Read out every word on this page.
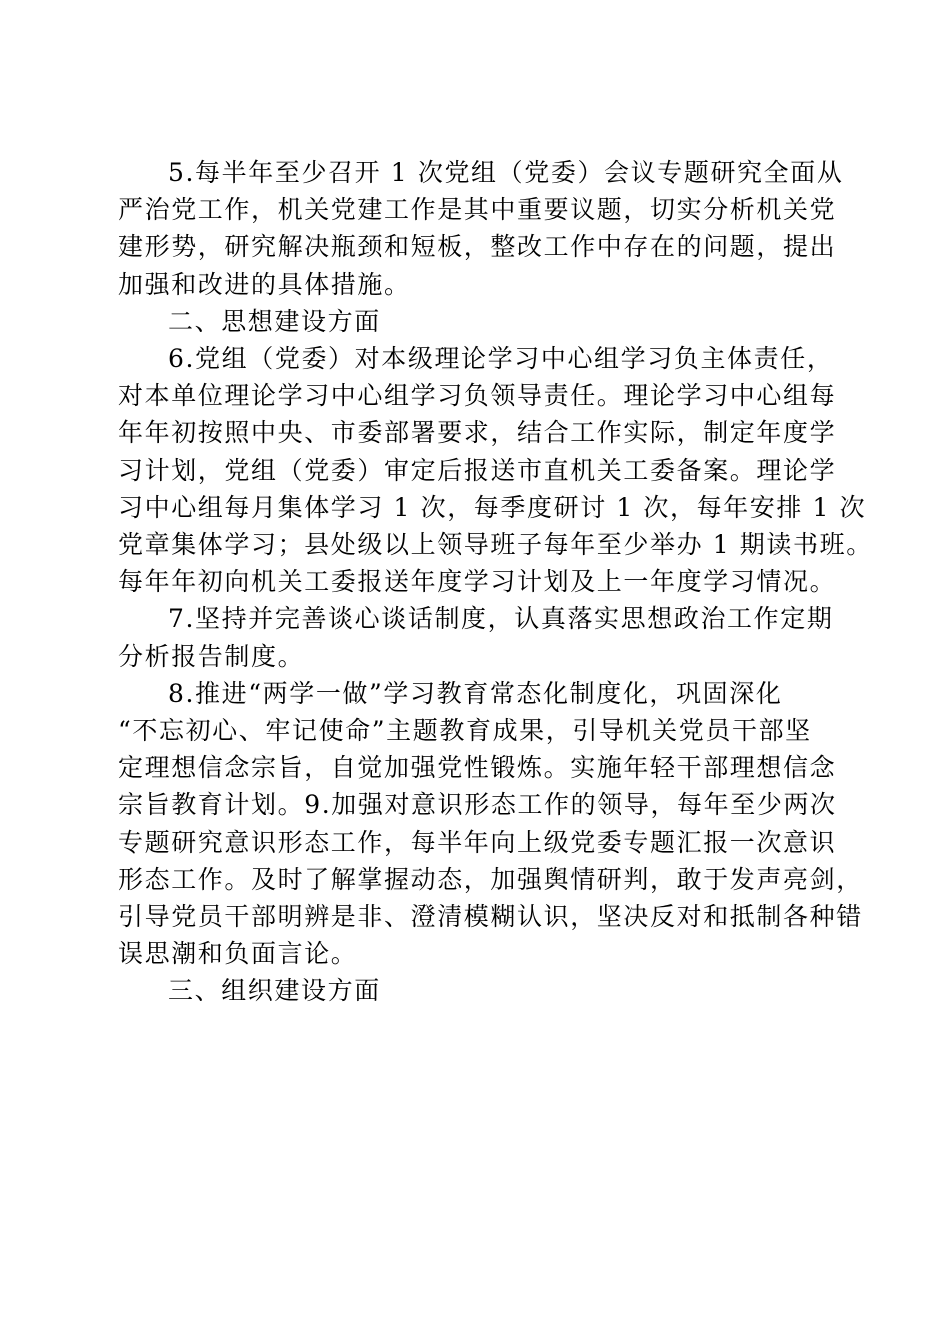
5.每半年至少召开 1 次党组（党委）会议专题研究全面从
严治党工作，机关党建工作是其中重要议题，切实分析机关党
建形势，研究解决瓶颈和短板，整改工作中存在的问题，提出
加强和改进的具体措施。

二、思想建设方面

6.党组（党委）对本级理论学习中心组学习负主体责任，
对本单位理论学习中心组学习负领导责任。理论学习中心组每
年年初按照中央、市委部署要求，结合工作实际，制定年度学
习计划，党组（党委）审定后报送市直机关工委备案。理论学
习中心组每月集体学习 1 次，每季度研讨 1 次，每年安排 1 次
党章集体学习；县处级以上领导班子每年至少举办 1 期读书班。
每年年初向机关工委报送年度学习计划及上一年度学习情况。

7.坚持并完善谈心谈话制度，认真落实思想政治工作定期
分析报告制度。

8.推进“两学一做”学习教育常态化制度化，巩固深化
“不忘初心、牢记使命”主题教育成果，引导机关党员干部坚
定理想信念宗旨，自觉加强党性锻炼。实施年轻干部理想信念
宗旨教育计划。9.加强对意识形态工作的领导，每年至少两次
专题研究意识形态工作，每半年向上级党委专题汇报一次意识
形态工作。及时了解掌握动态，加强舆情研判，敢于发声亮剑，
引导党员干部明辨是非、澄清模糊认识，坚决反对和抵制各种错
误思潮和负面言论。

三、组织建设方面
